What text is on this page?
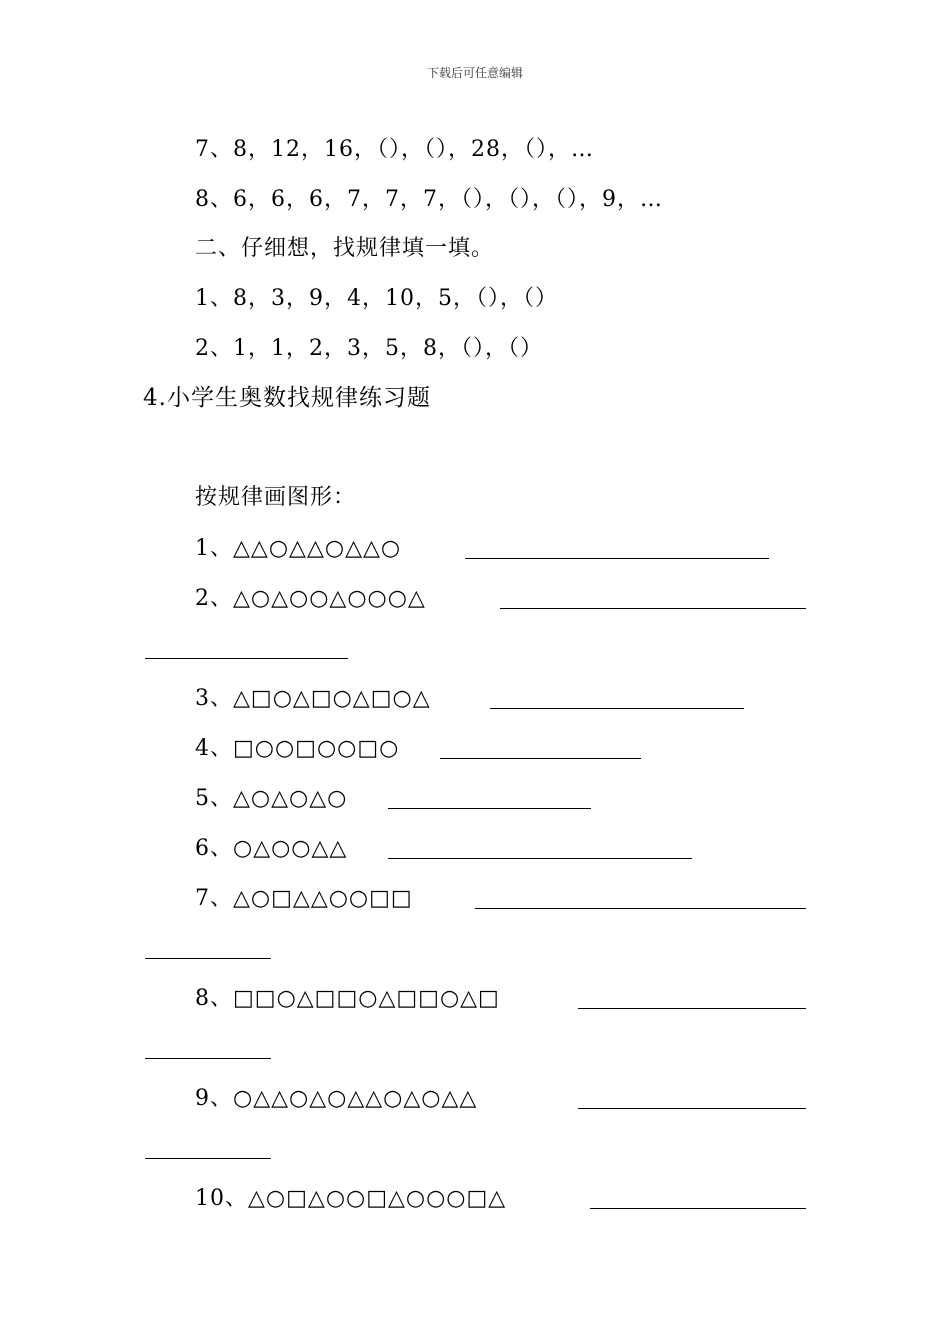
下载后可任意编辑
7、8，12，16，（），（），28，（），…
8、6，6，6，7，7，7，（），（），（），9，…
二、仔细想，找规律填一填。
1、8，3，9，4，10，5，（），（）
2、1，1，2，3，5，8，（），（）
4.小学生奥数找规律练习题
按规律画图形：
1、△△○△△○△△○
2、△○△○○△○○○△
3、△□○△□○△□○△
4、□○○□○○□○
5、△○△○△○
6、○△○○△△
7、△○□△△○○□□
8、□□○△□□○△□□○△□
9、○△△○△○△△○△○△△
10、△○□△○○□△○○○□△
